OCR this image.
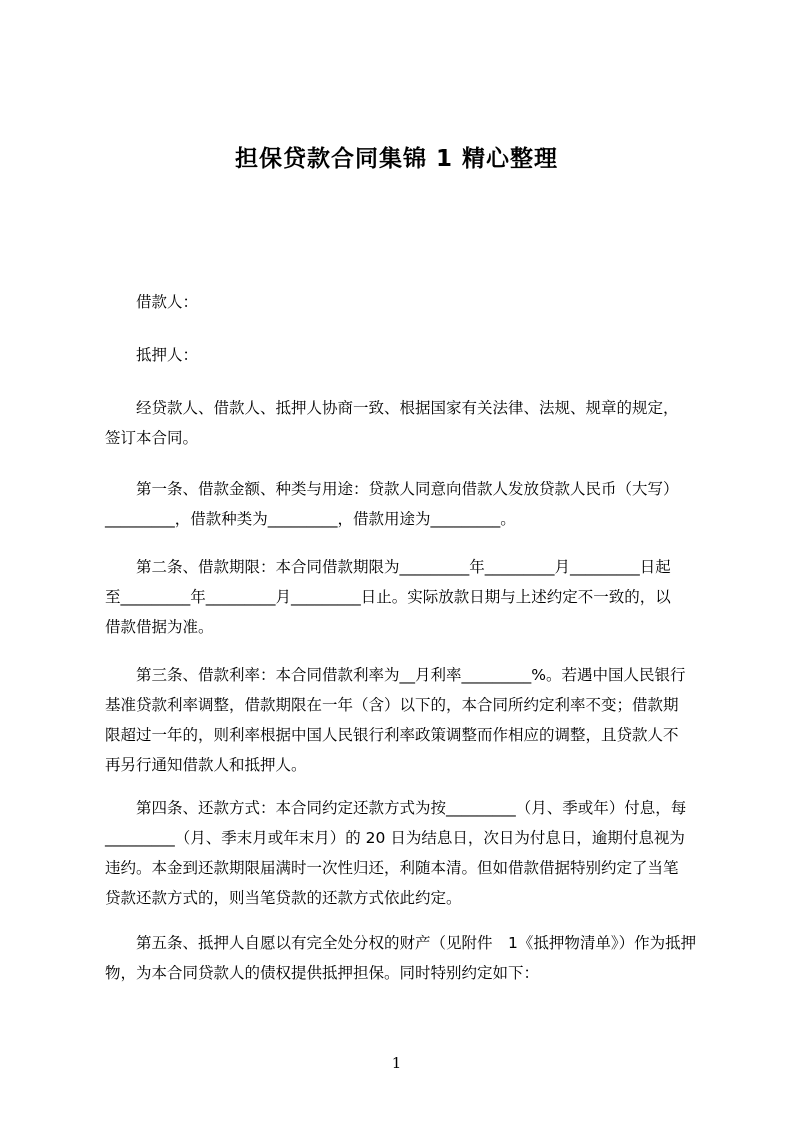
担保贷款合同集锦 1 精心整理
　　借款人：
　　抵押人：
　　经贷款人、借款人、抵押人协商一致、根据国家有关法律、法规、规章的规定，
签订本合同。
　　第一条、借款金额、种类与用途：贷款人同意向借款人发放贷款人民币（大写）
_________，借款种类为_________，借款用途为_________。
　　第二条、借款期限：本合同借款期限为_________年_________月_________日起
至_________年_________月_________日止。实际放款日期与上述约定不一致的，以
借款借据为准。
　　第三条、借款利率：本合同借款利率为__月利率_________%。若遇中国人民银行
基准贷款利率调整，借款期限在一年（含）以下的，本合同所约定利率不变；借款期
限超过一年的，则利率根据中国人民银行利率政策调整而作相应的调整，且贷款人不
再另行通知借款人和抵押人。
　　第四条、还款方式：本合同约定还款方式为按_________（月、季或年）付息，每
_________（月、季末月或年末月）的 20 日为结息日，次日为付息日，逾期付息视为
违约。本金到还款期限届满时一次性归还，利随本清。但如借款借据特别约定了当笔
贷款还款方式的，则当笔贷款的还款方式依此约定。
　　第五条、抵押人自愿以有完全处分权的财产（见附件　1《抵押物清单》）作为抵押
物，为本合同贷款人的债权提供抵押担保。同时特别约定如下：
1
